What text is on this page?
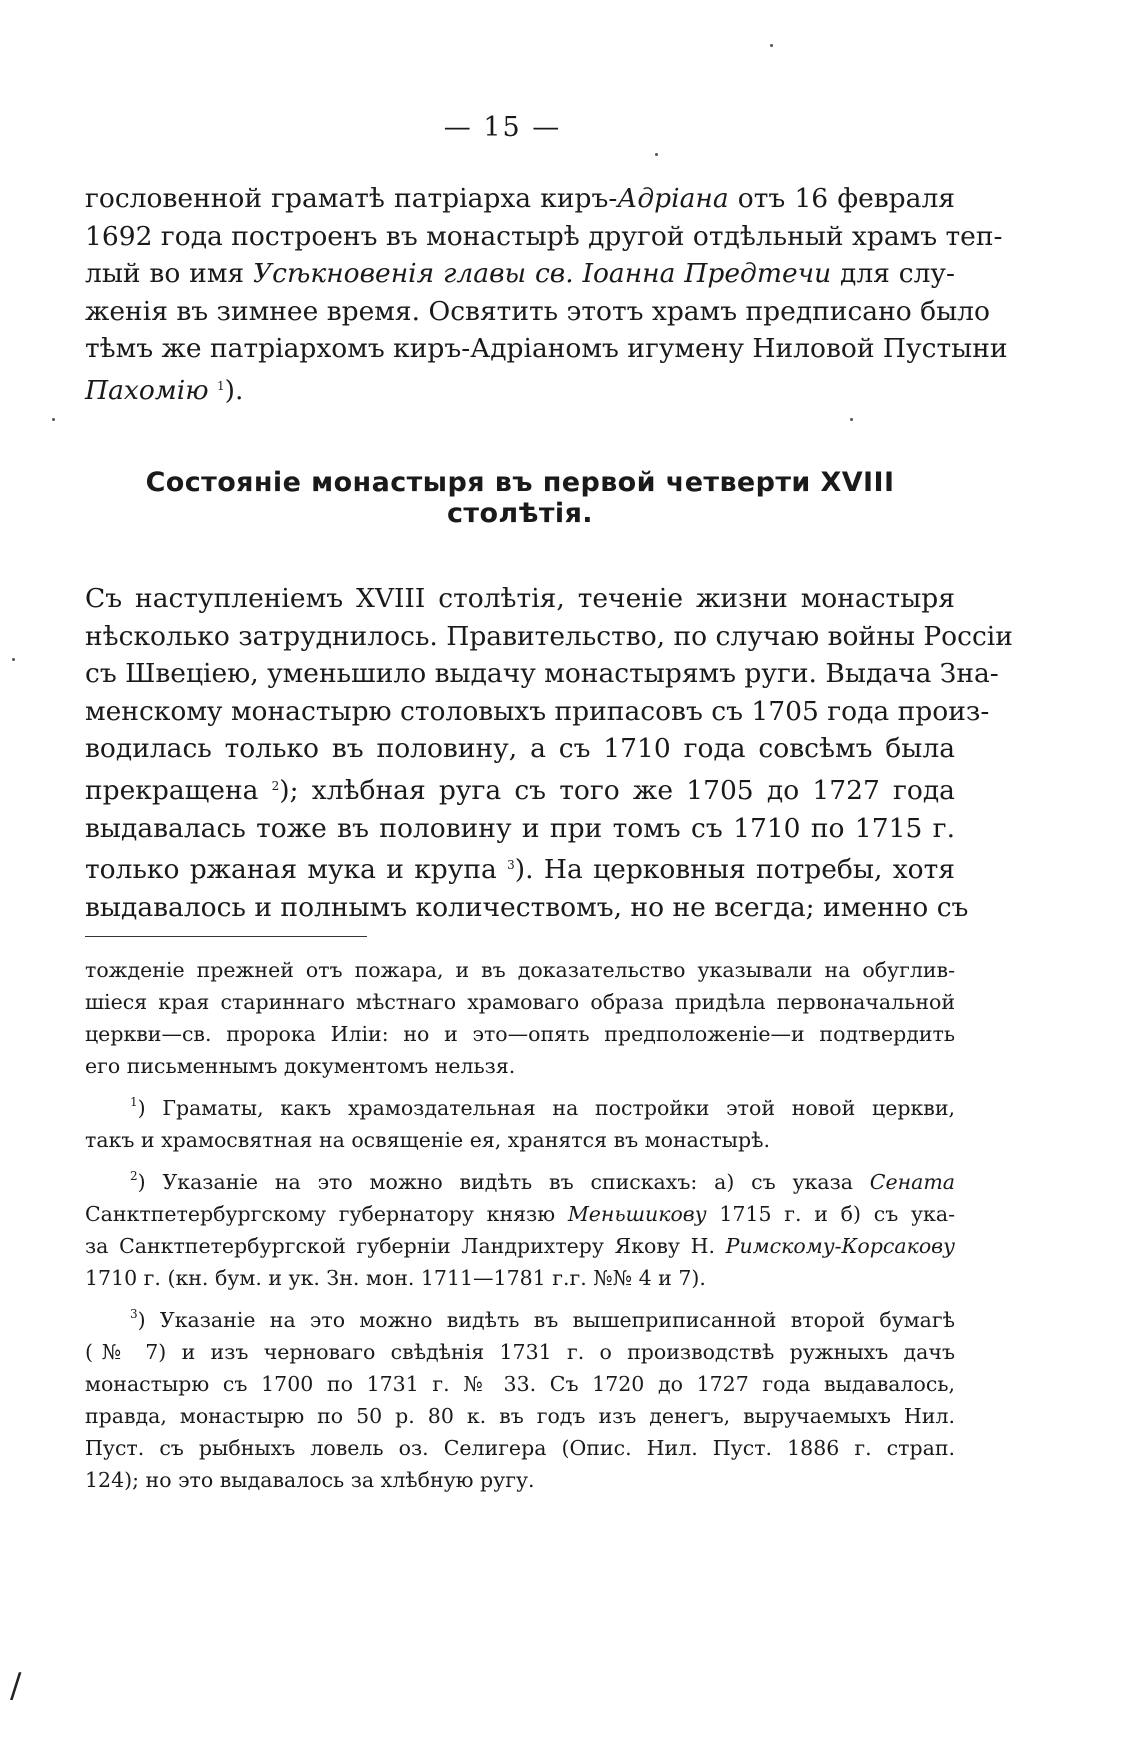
— 15 —
гословенной граматѣ патріарха киръ-Адріана отъ 16 февраля
1692 года построенъ въ монастырѣ другой отдѣльный храмъ теп-
лый во имя Усѣкновенія главы св. Іоанна Предтечи для слу-
женія въ зимнее время. Освятить этотъ храмъ предписано было
тѣмъ же патріархомъ киръ-Адріаномъ игумену Ниловой Пустыни
Пахомію $^1$).
Состояніе монастыря въ первой четверти XVIII столѣтія.
Съ наступленіемъ XVIII столѣтія, теченіе жизни монастыря
нѣсколько затруднилось. Правительство, по случаю войны Россіи
съ Швеціею, уменьшило выдачу монастырямъ руги. Выдача Зна-
менскому монастырю столовыхъ припасовъ съ 1705 года произ-
водилась только въ половину, а съ 1710 года совсѣмъ была
прекращена $^2$); хлѣбная руга съ того же 1705 до 1727 года
выдавалась тоже въ половину и при томъ съ 1710 по 1715 г.
только ржаная мука и крупа $^3$). На церковныя потребы, хотя
выдавалось и полнымъ количествомъ, но не всегда; именно съ
тожденіе прежней отъ пожара, и въ доказательство указывали на обуглив-
шіеся края стариннаго мѣстнаго храмоваго образа придѣла первоначальной
церкви—св. пророка Иліи: но и это—опять предположеніе—и подтвердить
его письменнымъ документомъ нельзя.
$^1$) Граматы, какъ храмоздательная на постройки этой новой церкви,
такъ и храмосвятная на освященіе ея, хранятся въ монастырѣ.
$^2$) Указаніе на это можно видѣть въ спискахъ: а) съ указа Сената
Санктпетербургскому губернатору князю Меньшикову 1715 г. и б) съ ука-
за Санктпетербургской губерніи Ландрихтеру Якову Н. Римскому-Корсакову
1710 г. (кн. бум. и ук. Зн. мон. 1711—1781 г.г. №№ 4 и 7).
$^3$) Указаніе на это можно видѣть въ вышеприписанной второй бумагѣ
(№ 7) и изъ черноваго свѣдѣнія 1731 г. о производствѣ ружныхъ дачъ
монастырю съ 1700 по 1731 г. № 33. Съ 1720 до 1727 года выдавалось,
правда, монастырю по 50 р. 80 к. въ годъ изъ денегъ, выручаемыхъ Нил.
Пуст. съ рыбныхъ ловель оз. Селигера (Опис. Нил. Пуст. 1886 г. страп.
124); но это выдавалось за хлѣбную ругу.
/
